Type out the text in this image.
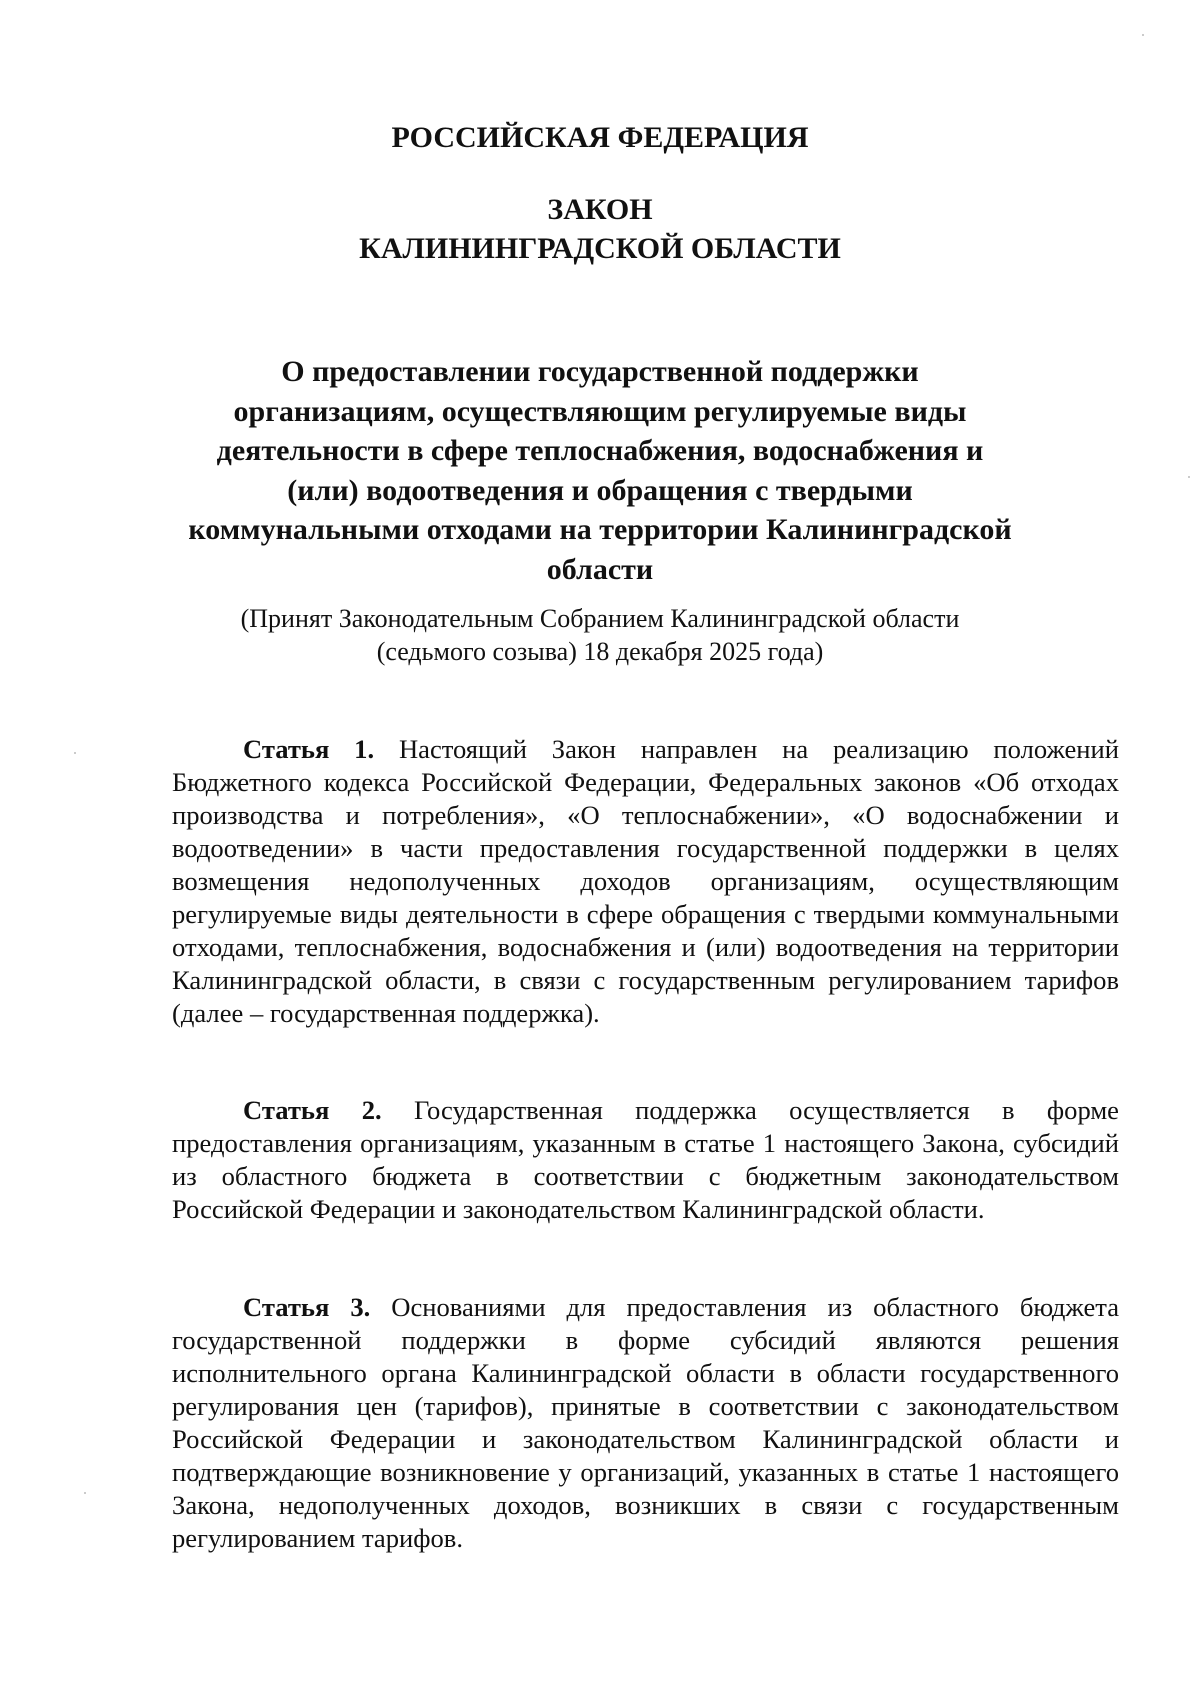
РОССИЙСКАЯ ФЕДЕРАЦИЯ
ЗАКОН
КАЛИНИНГРАДСКОЙ ОБЛАСТИ
О предоставлении государственной поддержки организациям, осуществляющим регулируемые виды деятельности в сфере теплоснабжения, водоснабжения и (или) водоотведения и обращения с твердыми коммунальными отходами на территории Калининградской области
(Принят Законодательным Собранием Калининградской области
(седьмого созыва) 18 декабря 2025 года)

Статья 1. Настоящий Закон направлен на реализацию положений Бюджетного кодекса Российской Федерации, Федеральных законов «Об отходах производства и потребления», «О теплоснабжении», «О водоснабжении и водоотведении» в части предоставления государственной поддержки в целях возмещения недополученных доходов организациям, осуществляющим регулируемые виды деятельности в сфере обращения с твердыми коммунальными отходами, теплоснабжения, водоснабжения и (или) водоотведения на территории Калининградской области, в связи с государственным регулированием тарифов (далее – государственная поддержка).

Статья 2. Государственная поддержка осуществляется в форме предоставления организациям, указанным в статье 1 настоящего Закона, субсидий из областного бюджета в соответствии с бюджетным законодательством Российской Федерации и законодательством Калининградской области.

Статья 3. Основаниями для предоставления из областного бюджета государственной поддержки в форме субсидий являются решения исполнительного органа Калининградской области в области государственного регулирования цен (тарифов), принятые в соответствии с законодательством Российской Федерации и законодательством Калининградской области и подтверждающие возникновение у организаций, указанных в статье 1 настоящего Закона, недополученных доходов, возникших в связи с государственным регулированием тарифов.
